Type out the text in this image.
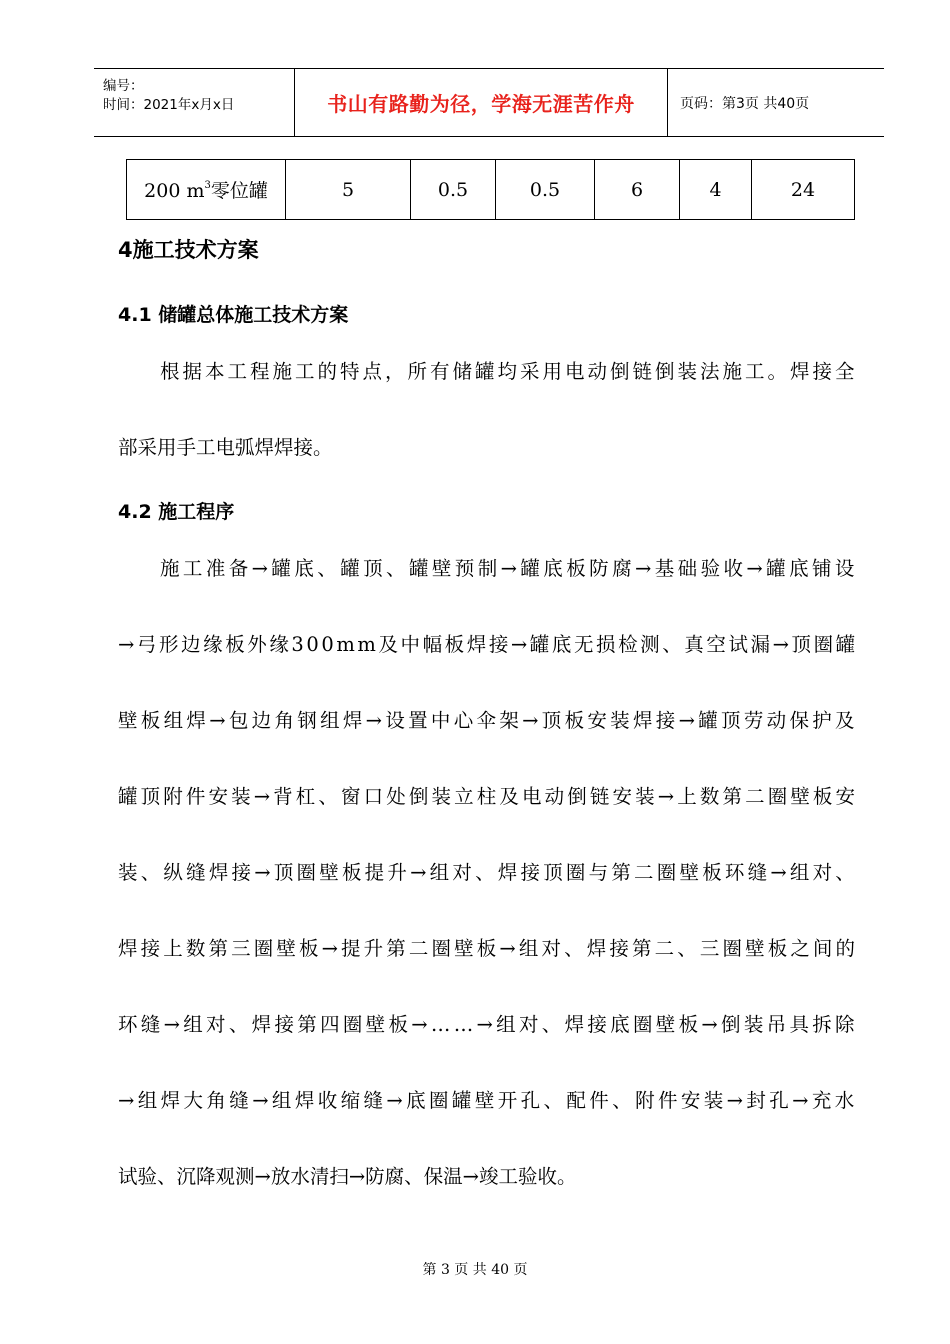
编号：
时间：2021年x月x日	书山有路勤为径，学海无涯苦作舟	页码：第3页 共40页
200 $m^3$零位罐	5	0.5	0.5	6	4	24
4施工技术方案
4.1 储罐总体施工技术方案
根据本工程施工的特点，所有储罐均采用电动倒链倒装法施工。焊接全
部采用手工电弧焊焊接。
4.2 施工程序
施工准备→罐底、罐顶、罐壁预制→罐底板防腐→基础验收→罐底铺设
→弓形边缘板外缘300mm及中幅板焊接→罐底无损检测、真空试漏→顶圈罐
壁板组焊→包边角钢组焊→设置中心伞架→顶板安装焊接→罐顶劳动保护及
罐顶附件安装→背杠、窗口处倒装立柱及电动倒链安装→上数第二圈壁板安
装、纵缝焊接→顶圈壁板提升→组对、焊接顶圈与第二圈壁板环缝→组对、
焊接上数第三圈壁板→提升第二圈壁板→组对、焊接第二、三圈壁板之间的
环缝→组对、焊接第四圈壁板→……→组对、焊接底圈壁板→倒装吊具拆除
→组焊大角缝→组焊收缩缝→底圈罐壁开孔、配件、附件安装→封孔→充水
试验、沉降观测→放水清扫→防腐、保温→竣工验收。
第 3 页 共 40 页
